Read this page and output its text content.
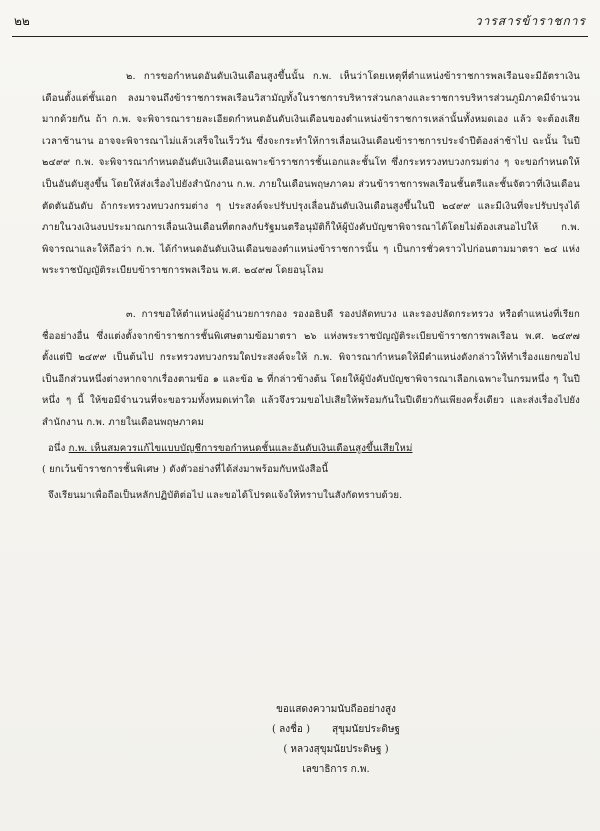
๒๒	วารสารข้าราชการ

๒. การขอกำหนดอันดับเงินเดือนสูงขึ้นนั้น ก.พ. เห็นว่าโดยเหตุที่ตำแหน่งข้าราชการพลเรือนจะมีอัตราเงินเดือนตั้งแต่ชั้นเอก ลงมาจนถึงข้าราชการพลเรือนวิสามัญทั้งในราชการบริหารส่วนกลางและราชการบริหารส่วนภูมิภาคมีจำนวนมากด้วยกัน ถ้า ก.พ. จะพิจารณารายละเอียดกำหนดอันดับเงินเดือนของตำแหน่งข้าราชการเหล่านั้นทั้งหมดเอง แล้ว จะต้องเสียเวลาช้านาน อาจจะพิจารณาไม่แล้วเสร็จในเร็ววัน ซึ่งจะกระทำให้การเลื่อนเงินเดือนข้าราชการประจำปีต้องล่าช้าไป ฉะนั้น ในปี ๒๔๙๙ ก.พ. จะพิจารณากำหนดอันดับเงินเดือนเฉพาะข้าราชการชั้นเอกและชั้นโท ซึ่งกระทรวงทบวงกรมต่าง ๆ จะขอกำหนดให้เป็นอันดับสูงขึ้น โดยให้ส่งเรื่องไปยังสำนักงาน ก.พ. ภายในเดือนพฤษภาคม ส่วนข้าราชการพลเรือนชั้นตรีและชั้นจัตวาที่เงินเดือนตัดตันอันดับ ถ้ากระทรวงทบวงกรมต่าง ๆ ประสงค์จะปรับปรุงเลื่อนอันดับเงินเดือนสูงขึ้นในปี ๒๔๙๙ และมีเงินที่จะปรับปรุงได้ภายในวงเงินงบประมาณการเลื่อนเงินเดือนที่ตกลงกับรัฐมนตรีอนุมัติก็ให้ผู้บังคับบัญชาพิจารณาได้โดยไม่ต้องเสนอไปให้ ก.พ. พิจารณาและให้ถือว่า ก.พ. ได้กำหนดอันดับเงินเดือนของตำแหน่งข้าราชการนั้น ๆ เป็นการชั่วคราวไปก่อนตามมาตรา ๒๔ แห่งพระราชบัญญัติระเบียบข้าราชการพลเรือน พ.ศ. ๒๔๙๗ โดยอนุโลม

๓. การขอให้ตำแหน่งผู้อำนวยการกอง รองอธิบดี รองปลัดทบวง และรองปลัดกระทรวง หรือตำแหน่งที่เรียกชื่ออย่างอื่น ซึ่งแต่งตั้งจากข้าราชการชั้นพิเศษตามข้อมาตรา ๒๖ แห่งพระราชบัญญัติระเบียบข้าราชการพลเรือน พ.ศ. ๒๔๙๗ ตั้งแต่ปี ๒๔๙๙ เป็นต้นไป กระทรวงทบวงกรมใดประสงค์จะให้ ก.พ. พิจารณากำหนดให้มีตำแหน่งดังกล่าวให้ทำเรื่องแยกขอไปเป็นอีกส่วนหนึ่งต่างหากจากเรื่องตามข้อ ๑ และข้อ ๒ ที่กล่าวข้างต้น โดยให้ผู้บังคับบัญชาพิจารณาเลือกเฉพาะในกรมหนึ่ง ๆ ในปีหนึ่ง ๆ นี้ ให้ขอมีจำนวนที่จะขอรวมทั้งหมดเท่าใด แล้วจึงรวมขอไปเสียให้พร้อมกันในปีเดียวกันเพียงครั้งเดียว และส่งเรื่องไปยังสำนักงาน ก.พ. ภายในเดือนพฤษภาคม

อนึ่ง ก.พ. เห็นสมควรแก้ไขแบบบัญชีการขอกำหนดชั้นและอันดับเงินเดือนสูงขึ้นเสียใหม่

( ยกเว้นข้าราชการชั้นพิเศษ ) ดังตัวอย่างที่ได้ส่งมาพร้อมกับหนังสือนี้

จึงเรียนมาเพื่อถือเป็นหลักปฏิบัติต่อไป และขอได้โปรดแจ้งให้ทราบในสังกัดทราบด้วย.

ขอแสดงความนับถืออย่างสูง
( ลงชื่อ ) สุขุมนัยประดิษฐ
( หลวงสุขุมนัยประดิษฐ )
เลขาธิการ ก.พ.
